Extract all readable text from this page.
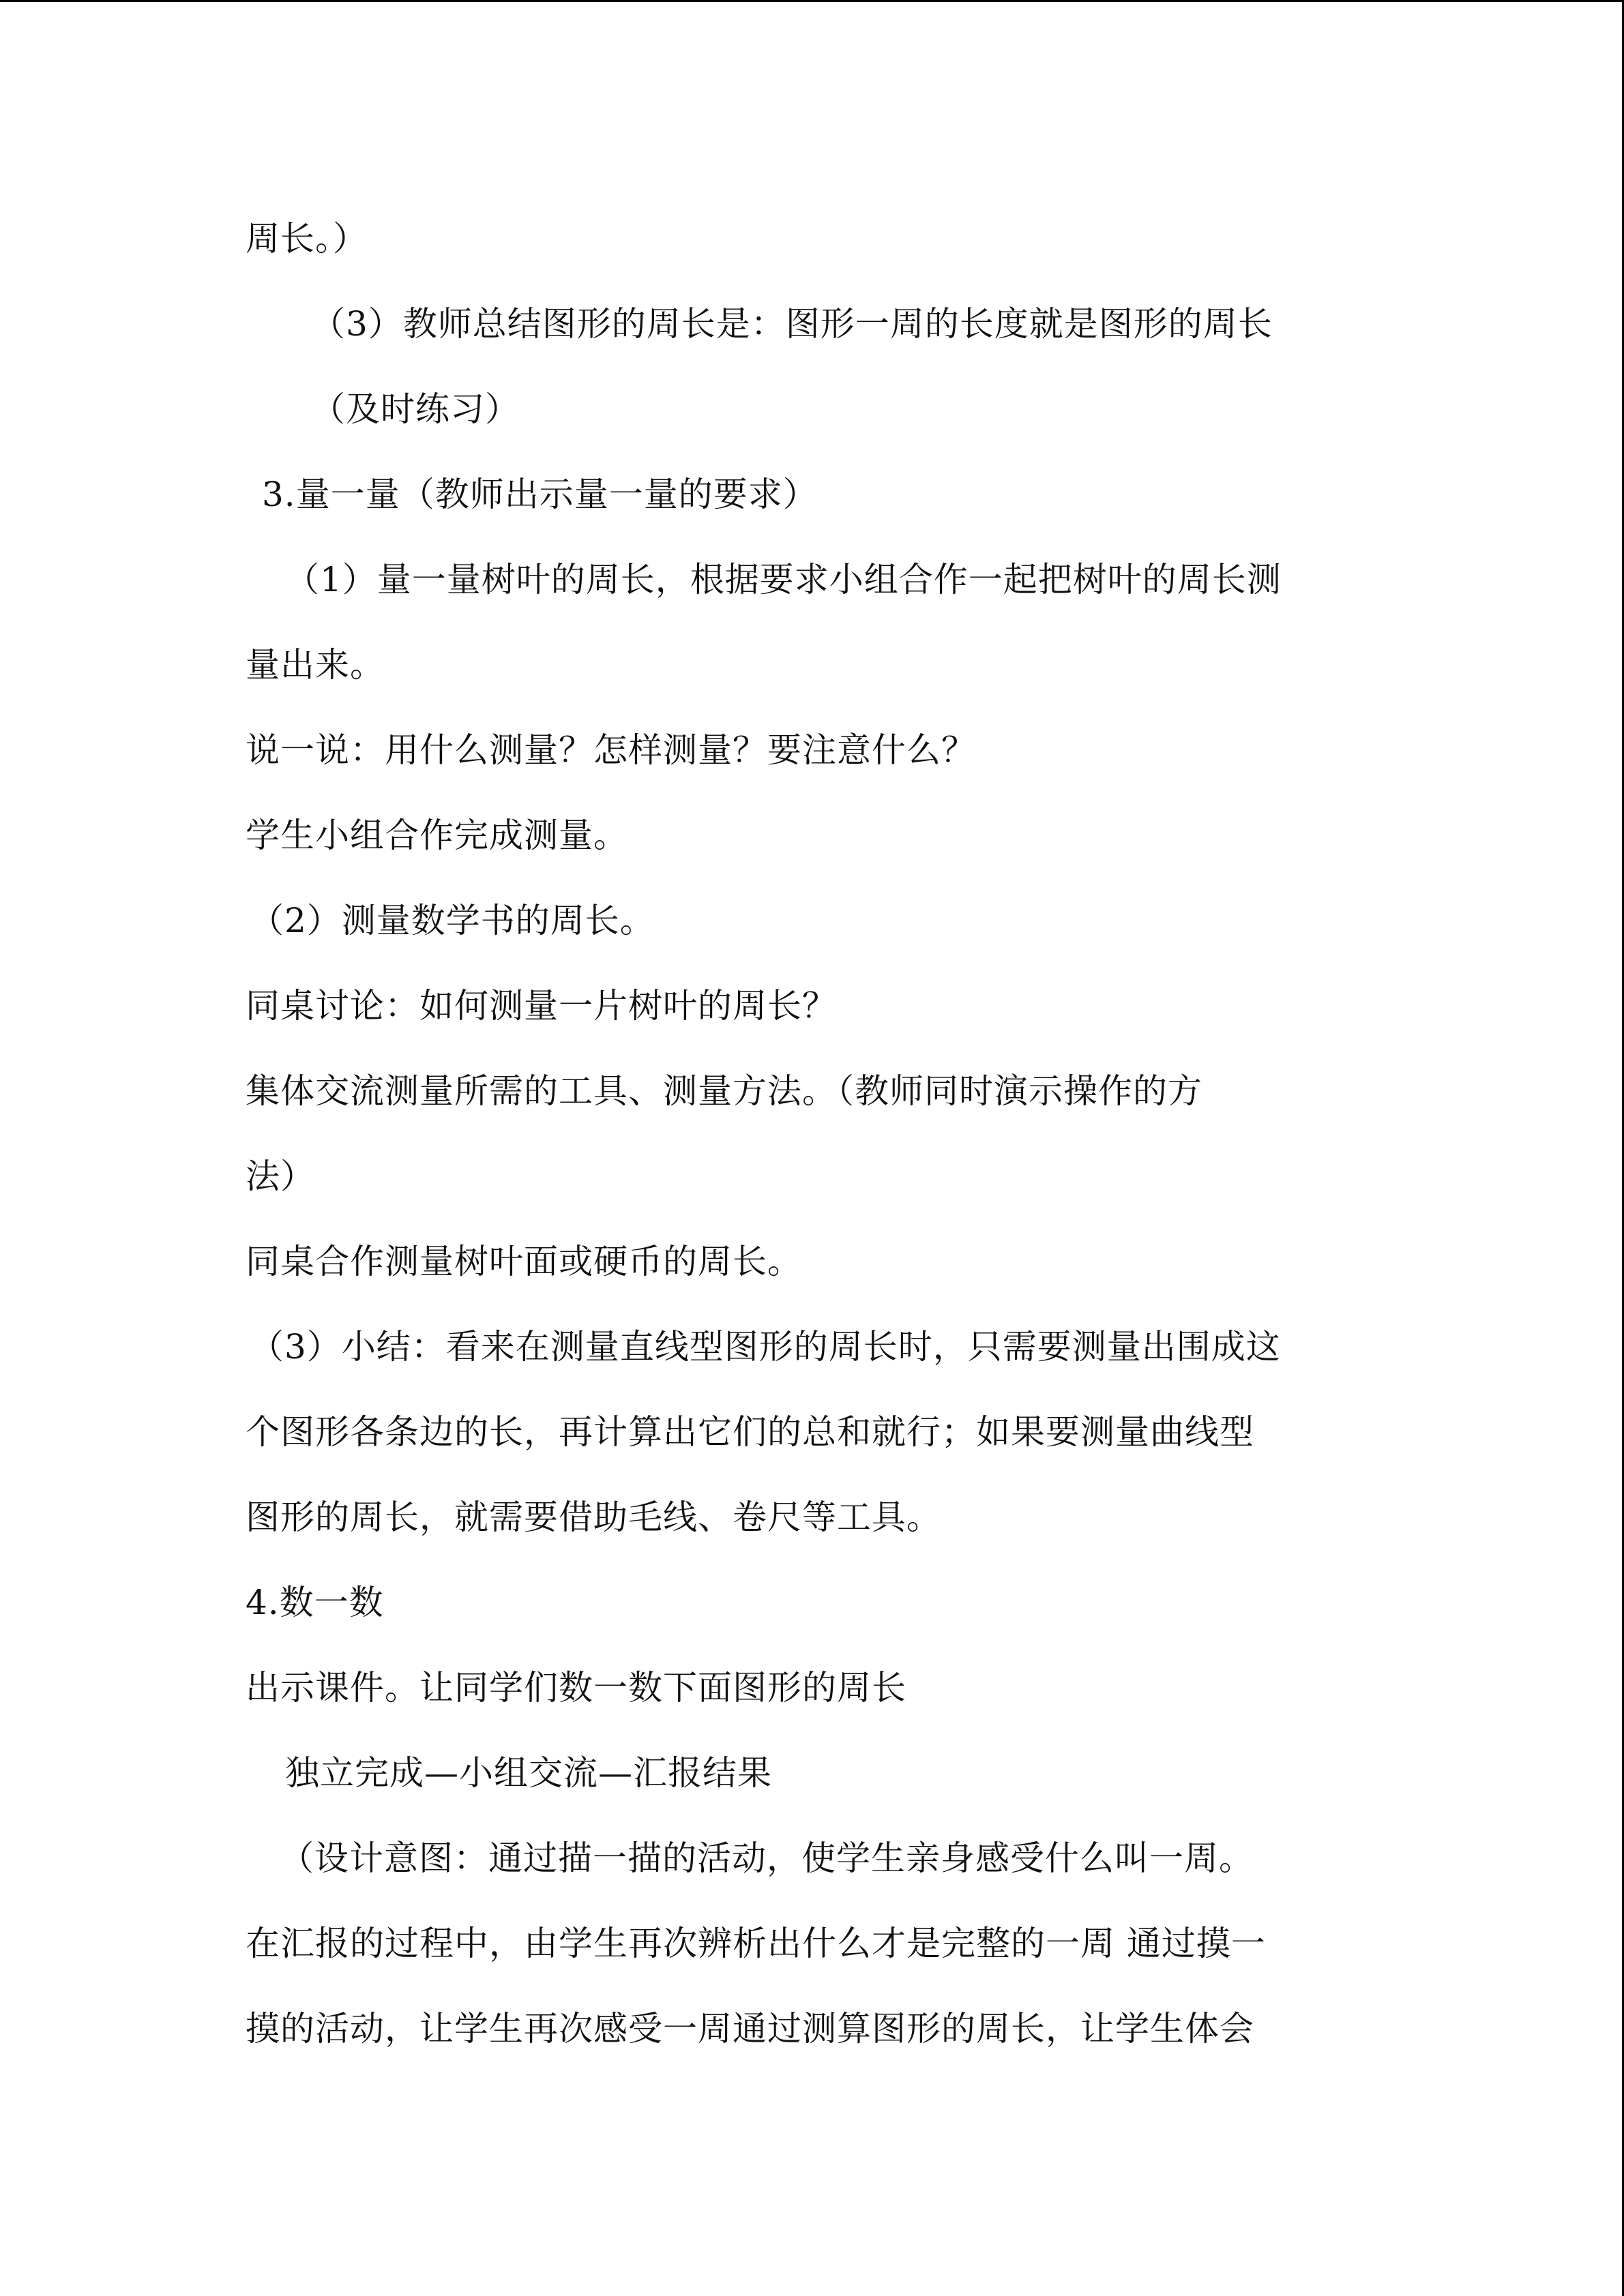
周长。）
（3）教师总结图形的周长是：图形一周的长度就是图形的周长
（及时练习）
3.量一量（教师出示量一量的要求）
（1）量一量树叶的周长，根据要求小组合作一起把树叶的周长测
量出来。
说一说：用什么测量？怎样测量？要注意什么？
学生小组合作完成测量。
（2）测量数学书的周长。
同桌讨论：如何测量一片树叶的周长？
集体交流测量所需的工具、测量方法。（教师同时演示操作的方
法）
同桌合作测量树叶面或硬币的周长。
（3）小结：看来在测量直线型图形的周长时，只需要测量出围成这
个图形各条边的长，再计算出它们的总和就行；如果要测量曲线型
图形的周长，就需要借助毛线、卷尺等工具。
4.数一数
出示课件。让同学们数一数下面图形的周长
独立完成—小组交流—汇报结果
（设计意图：通过描一描的活动，使学生亲身感受什么叫一周。
在汇报的过程中，由学生再次辨析出什么才是完整的一周 通过摸一
摸的活动，让学生再次感受一周通过测算图形的周长，让学生体会
